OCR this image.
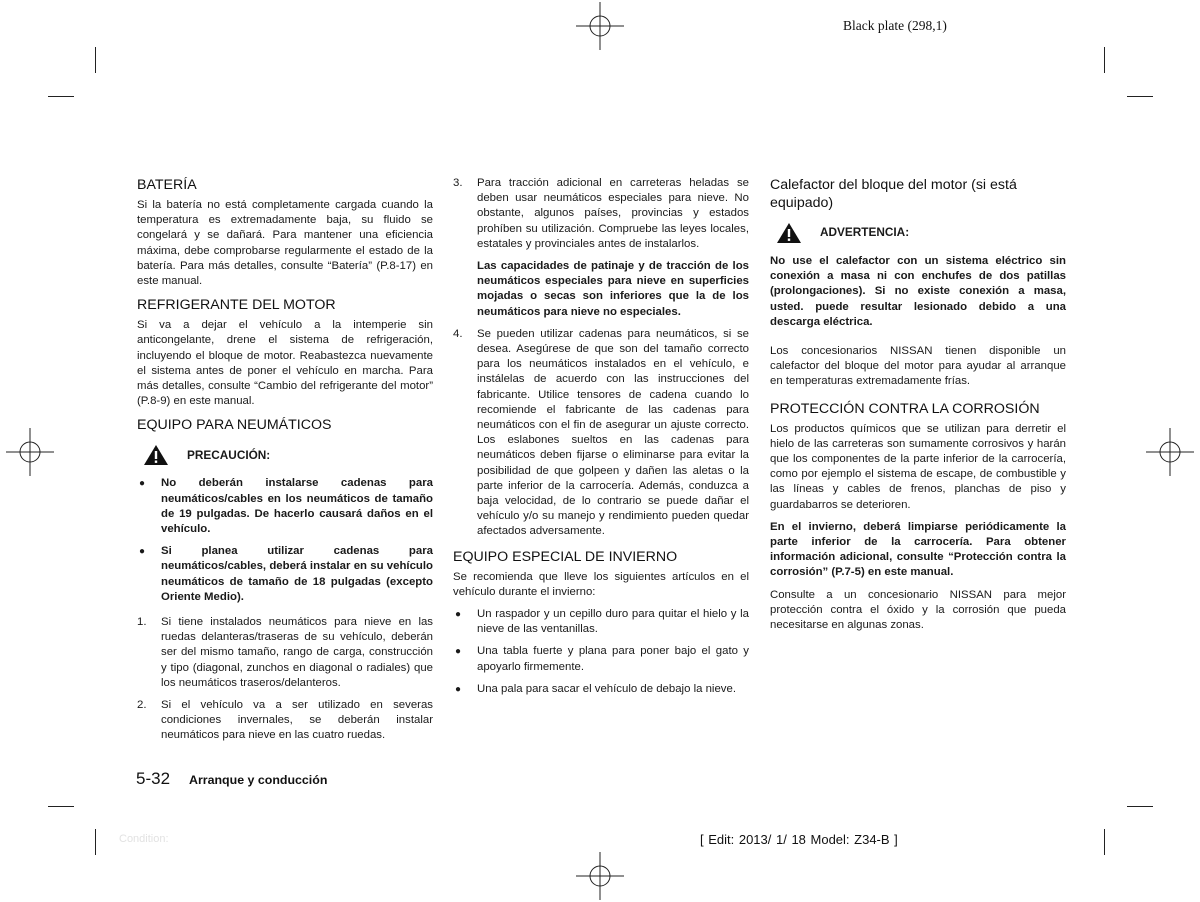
Black plate (298,1)
BATERÍA
Si la batería no está completamente cargada cuando la temperatura es extremadamente baja, su fluido se congelará y se dañará. Para mantener una eficiencia máxima, debe comprobarse regularmente el estado de la batería. Para más detalles, consulte “Batería” (P.8-17) en este manual.
REFRIGERANTE DEL MOTOR
Si va a dejar el vehículo a la intemperie sin anticongelante, drene el sistema de refrigeración, incluyendo el bloque de motor. Reabastezca nuevamente el sistema antes de poner el vehículo en marcha. Para más detalles, consulte “Cambio del refrigerante del motor” (P.8-9) en este manual.
EQUIPO PARA NEUMÁTICOS
PRECAUCIÓN:
●	No deberán instalarse cadenas para neumáticos/cables en los neumáticos de tamaño de 19 pulgadas. De hacerlo causará daños en el vehículo.
●	Si planea utilizar cadenas para neumáticos/cables, deberá instalar en su vehículo neumáticos de tamaño de 18 pulgadas (excepto Oriente Medio).
1.	Si tiene instalados neumáticos para nieve en las ruedas delanteras/traseras de su vehículo, deberán ser del mismo tamaño, rango de carga, construcción y tipo (diagonal, zunchos en diagonal o radiales) que los neumáticos traseros/delanteros.
2.	Si el vehículo va a ser utilizado en severas condiciones invernales, se deberán instalar neumáticos para nieve en las cuatro ruedas.
3.	Para tracción adicional en carreteras heladas se deben usar neumáticos especiales para nieve. No obstante, algunos países, provincias y estados prohíben su utilización. Compruebe las leyes locales, estatales y provinciales antes de instalarlos.
Las capacidades de patinaje y de tracción de los neumáticos especiales para nieve en superficies mojadas o secas son inferiores que la de los neumáticos para nieve no especiales.
4.	Se pueden utilizar cadenas para neumáticos, si se desea. Asegúrese de que son del tamaño correcto para los neumáticos instalados en el vehículo, e instálelas de acuerdo con las instrucciones del fabricante. Utilice tensores de cadena cuando lo recomiende el fabricante de las cadenas para neumáticos con el fin de asegurar un ajuste correcto. Los eslabones sueltos en las cadenas para neumáticos deben fijarse o eliminarse para evitar la posibilidad de que golpeen y dañen las aletas o la parte inferior de la carrocería. Además, conduzca a baja velocidad, de lo contrario se puede dañar el vehículo y/o su manejo y rendimiento pueden quedar afectados adversamente.
EQUIPO ESPECIAL DE INVIERNO
Se recomienda que lleve los siguientes artículos en el vehículo durante el invierno:
●	Un raspador y un cepillo duro para quitar el hielo y la nieve de las ventanillas.
●	Una tabla fuerte y plana para poner bajo el gato y apoyarlo firmemente.
●	Una pala para sacar el vehículo de debajo la nieve.
Calefactor del bloque del motor (si está equipado)
ADVERTENCIA:
No use el calefactor con un sistema eléctrico sin conexión a masa ni con enchufes de dos patillas (prolongaciones). Si no existe conexión a masa, usted. puede resultar lesionado debido a una descarga eléctrica.
Los concesionarios NISSAN tienen disponible un calefactor del bloque del motor para ayudar al arranque en temperaturas extremadamente frías.
PROTECCIÓN CONTRA LA CORROSIÓN
Los productos químicos que se utilizan para derretir el hielo de las carreteras son sumamente corrosivos y harán que los componentes de la parte inferior de la carrocería, como por ejemplo el sistema de escape, de combustible y las líneas y cables de frenos, planchas de piso y guardabarros se deterioren.
En el invierno, deberá limpiarse periódicamente la parte inferior de la carrocería. Para obtener información adicional, consulte “Protección contra la corrosión” (P.7-5) en este manual.
Consulte a un concesionario NISSAN para mejor protección contra el óxido y la corrosión que pueda necesitarse en algunas zonas.
5-32 Arranque y conducción
Condition:	[ Edit: 2013/ 1/ 18 Model: Z34-B ]
